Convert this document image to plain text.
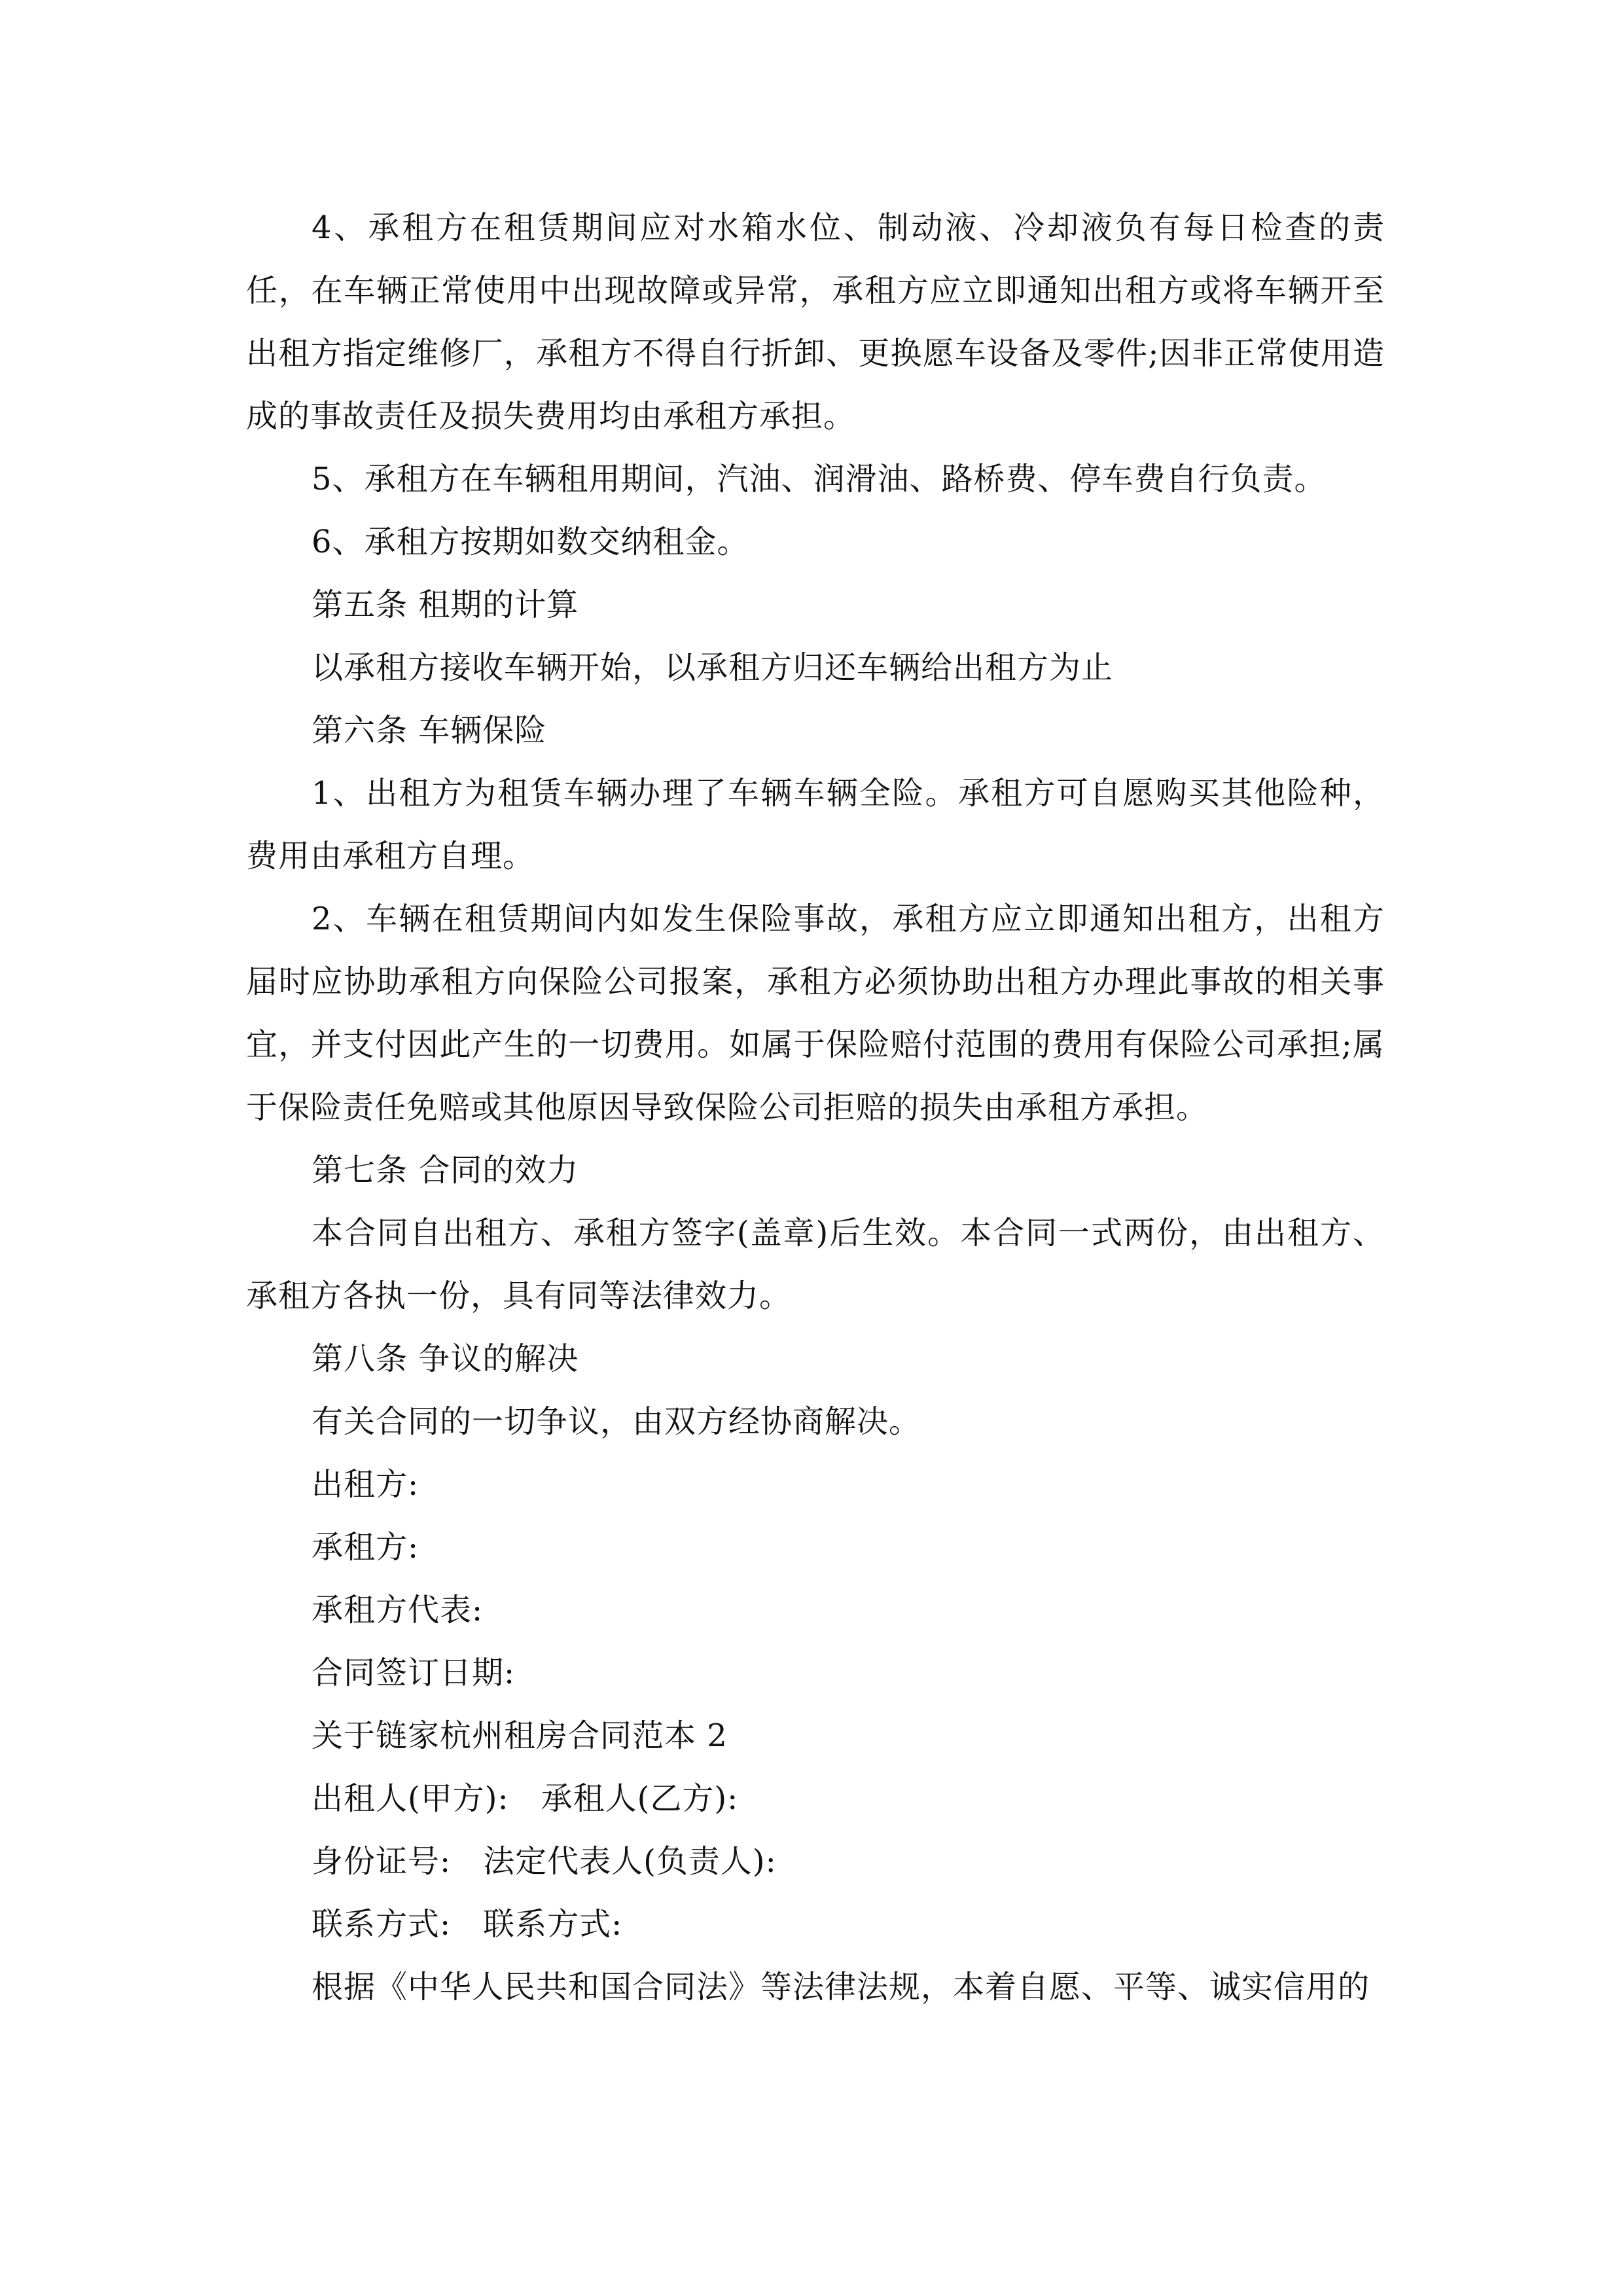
4、承租方在租赁期间应对水箱水位、制动液、冷却液负有每日检查的责任，在车辆正常使用中出现故障或异常，承租方应立即通知出租方或将车辆开至出租方指定维修厂，承租方不得自行折卸、更换愿车设备及零件;因非正常使用造成的事故责任及损失费用均由承租方承担。

5、承租方在车辆租用期间，汽油、润滑油、路桥费、停车费自行负责。

6、承租方按期如数交纳租金。

第五条 租期的计算

以承租方接收车辆开始，以承租方归还车辆给出租方为止

第六条 车辆保险

1、出租方为租赁车辆办理了车辆车辆全险。承租方可自愿购买其他险种，费用由承租方自理。

2、车辆在租赁期间内如发生保险事故，承租方应立即通知出租方，出租方届时应协助承租方向保险公司报案，承租方必须协助出租方办理此事故的相关事宜，并支付因此产生的一切费用。如属于保险赔付范围的费用有保险公司承担;属于保险责任免赔或其他原因导致保险公司拒赔的损失由承租方承担。

第七条 合同的效力

本合同自出租方、承租方签字(盖章)后生效。本合同一式两份，由出租方、承租方各执一份，具有同等法律效力。

第八条 争议的解决

有关合同的一切争议，由双方经协商解决。

出租方:

承租方:

承租方代表:

合同签订日期:

关于链家杭州租房合同范本 2

出租人(甲方):　承租人(乙方):

身份证号:　法定代表人(负责人):

联系方式:　联系方式:

根据《中华人民共和国合同法》等法律法规，本着自愿、平等、诚实信用的
